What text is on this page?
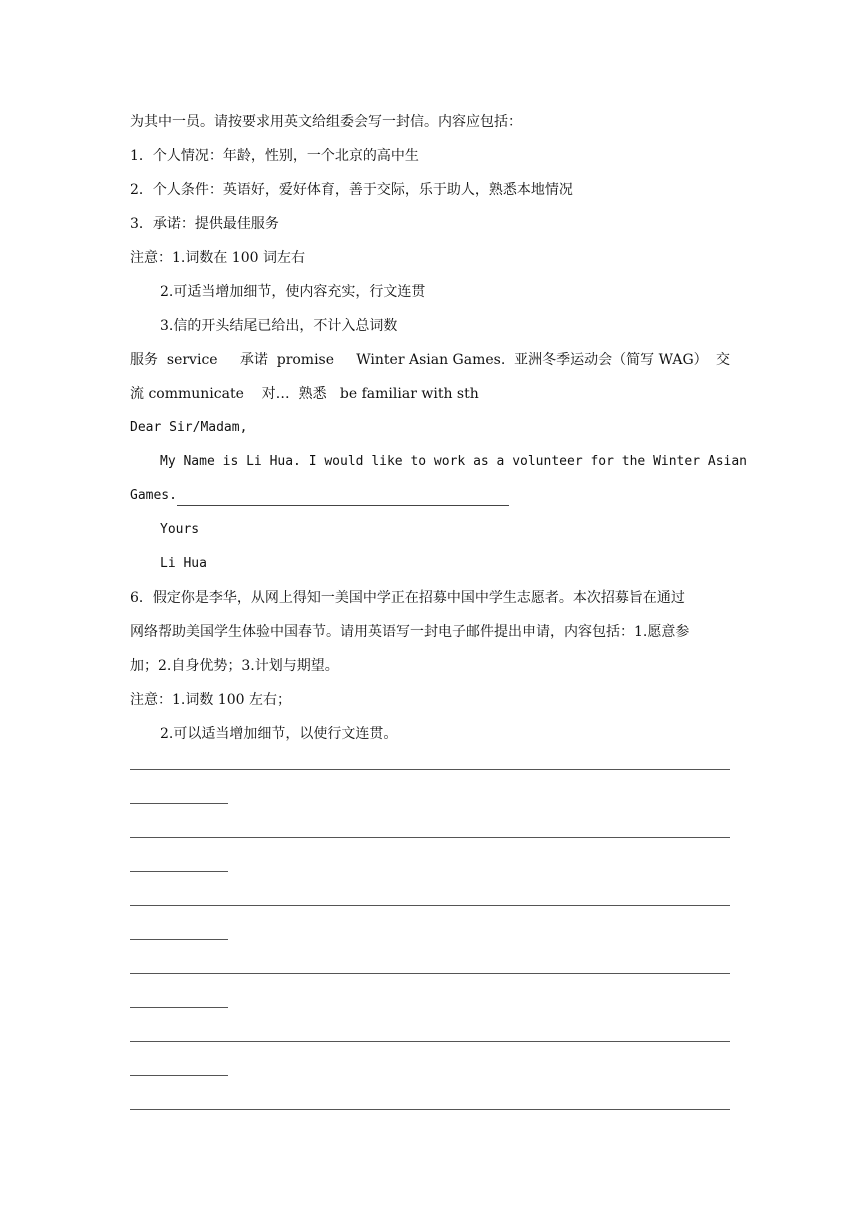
为其中一员。请按要求用英文给组委会写一封信。内容应包括：
1．个人情况：年龄，性别，一个北京的高中生
2．个人条件：英语好，爱好体育，善于交际，乐于助人，熟悉本地情况
3．承诺：提供最佳服务
注意：1.词数在 100 词左右
2.可适当增加细节，使内容充实，行文连贯
3.信的开头结尾已给出，不计入总词数
服务  service     承诺  promise     Winter Asian Games.  亚洲冬季运动会（简写 WAG） 交
流 communicate    对…  熟悉   be familiar with sth
Dear Sir/Madam,
My Name is Li Hua. I would like to work as a volunteer for the Winter Asian
Games.
Yours
Li Hua
6．假定你是李华，从网上得知一美国中学正在招募中国中学生志愿者。本次招募旨在通过
网络帮助美国学生体验中国春节。请用英语写一封电子邮件提出申请，内容包括：1.愿意参
加；2.自身优势；3.计划与期望。
注意：1.词数 100 左右；
2.可以适当增加细节，以使行文连贯。
